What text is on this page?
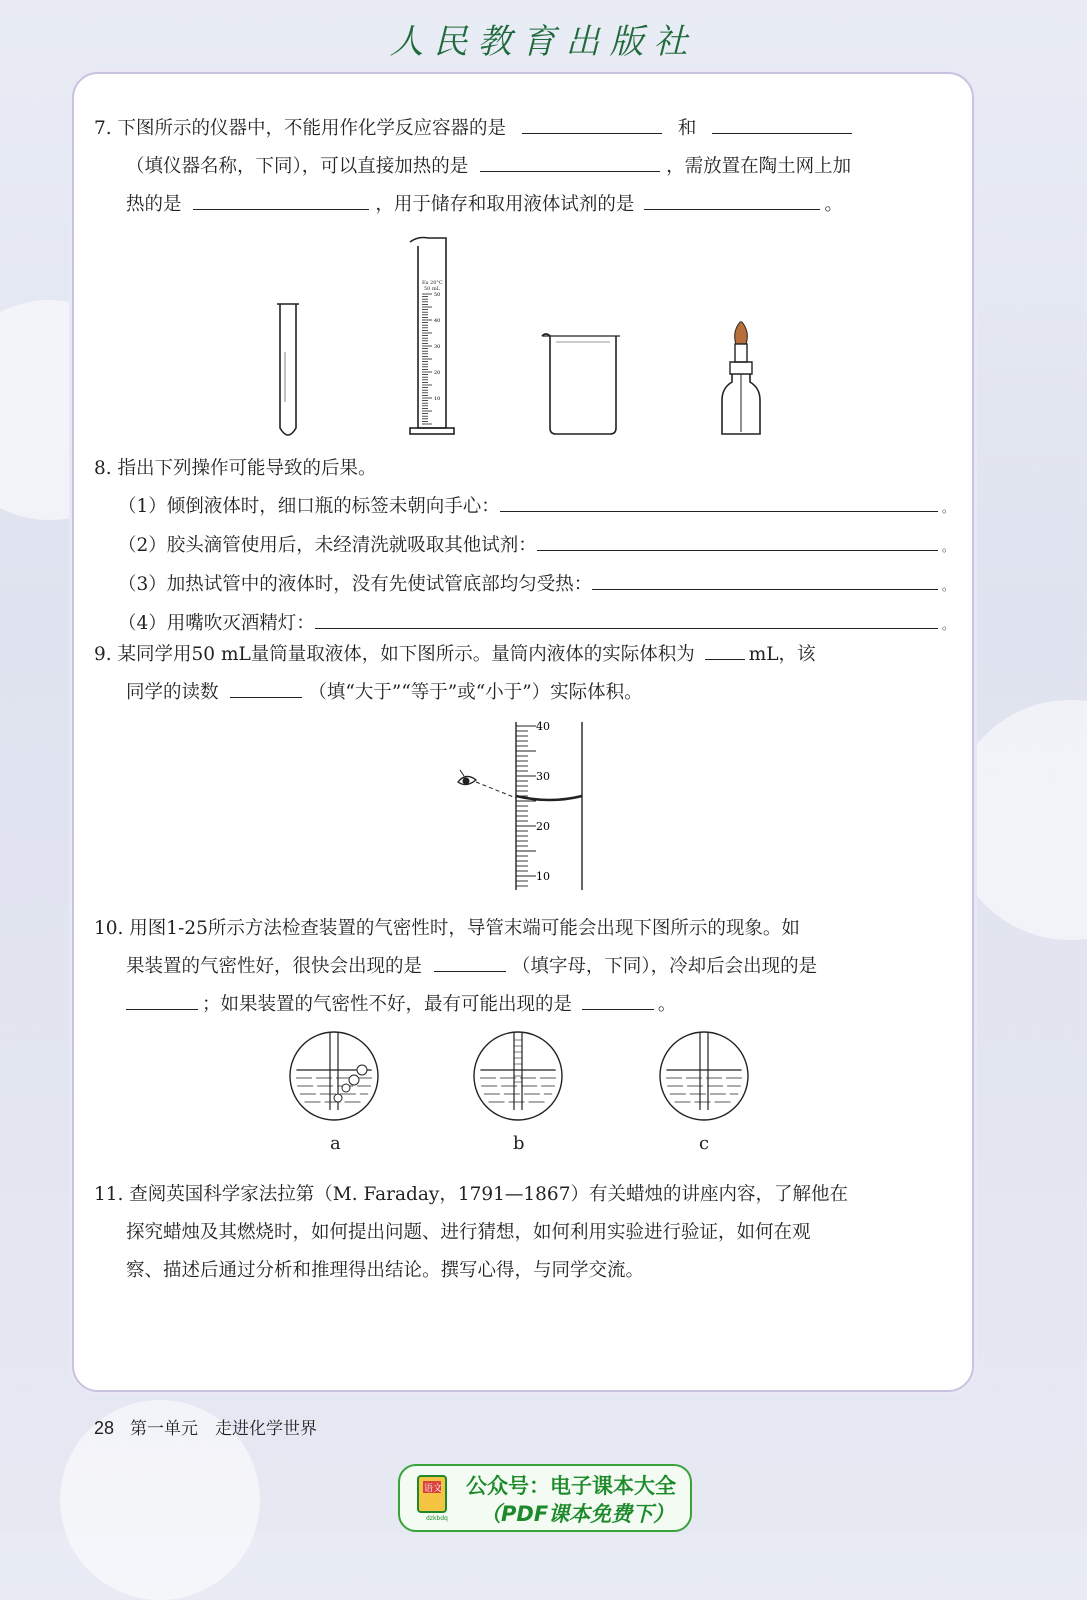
人民教育出版社
7. 下图所示的仪器中，不能用作化学反应容器的是	和
（填仪器名称，下同），可以直接加热的是	，需放置在陶土网上加
热的是	，用于储存和取用液体试剂的是	。
Ex 20°C
50 mL
50
40
30
20
10
8. 指出下列操作可能导致的后果。
（1）倾倒液体时，细口瓶的标签未朝向手心：	。
（2）胶头滴管使用后，未经清洗就吸取其他试剂：	。
（3）加热试管中的液体时，没有先使试管底部均匀受热：	。
（4）用嘴吹灭酒精灯：	。
9. 某同学用50 mL量筒量取液体，如下图所示。量筒内液体的实际体积为	mL，该
同学的读数	（填“大于”“等于”或“小于”）实际体积。
40
30
20
10
10. 用图1-25所示方法检查装置的气密性时，导管末端可能会出现下图所示的现象。如
果装置的气密性好，很快会出现的是	（填字母，下同），冷却后会出现的是
；如果装置的气密性不好，最有可能出现的是	。
a	b	c
11. 查阅英国科学家法拉第（M. Faraday，1791—1867）有关蜡烛的讲座内容，了解他在
探究蜡烛及其燃烧时，如何提出问题、进行猜想，如何利用实验进行验证，如何在观
察、描述后通过分析和推理得出结论。撰写心得，与同学交流。
28 第一单元　走进化学世界
语文
dzkbdq
公众号：电子课本大全
（PDF课本免费下）
